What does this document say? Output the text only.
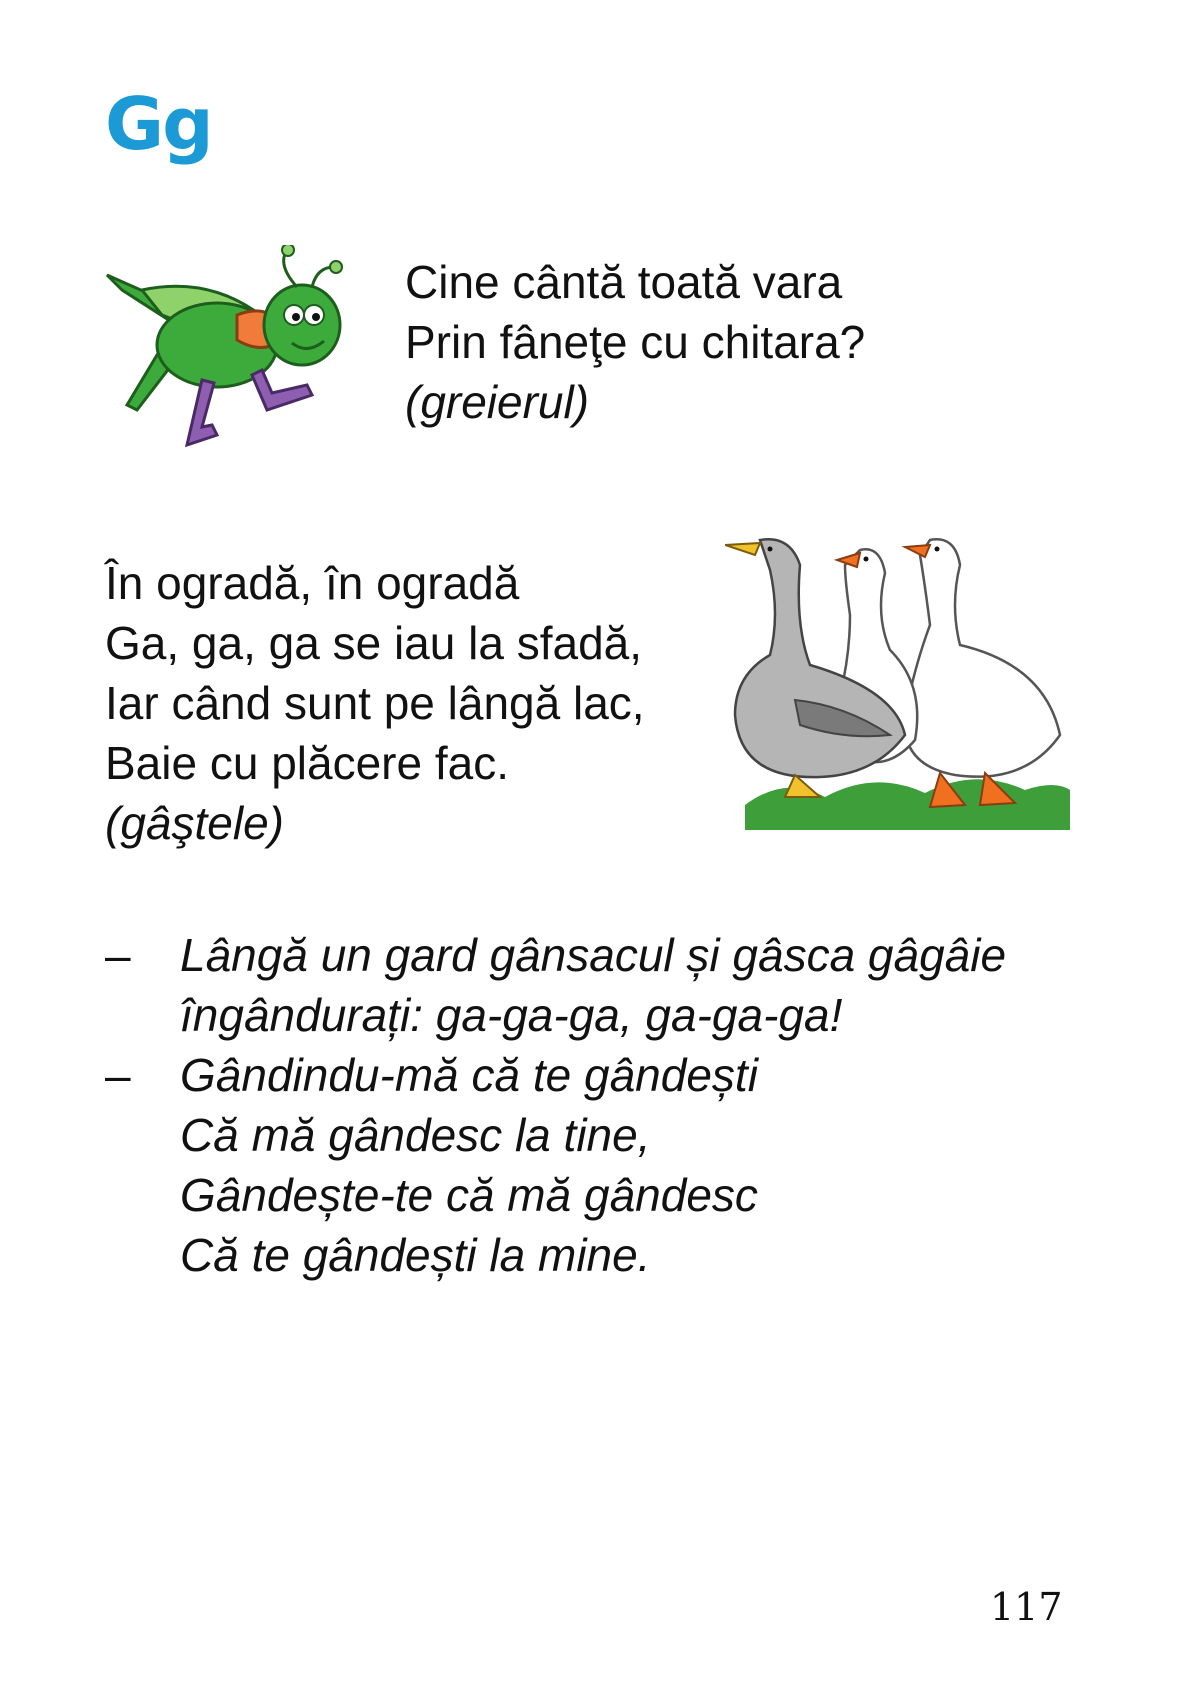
Gg
Cine cântă toată vara
Prin fâneţe cu chitara?
(greierul)
În ogradă, în ogradă
Ga, ga, ga se iau la sfadă,
Iar când sunt pe lângă lac,
Baie cu plăcere fac.
(gâştele)
– Lângă un gard gânsacul și gâsca gâgâie
îngândurați: ga-ga-ga, ga-ga-ga!
– Gândindu-mă că te gândești
Că mă gândesc la tine,
Gândește-te că mă gândesc
Că te gândești la mine.
117
